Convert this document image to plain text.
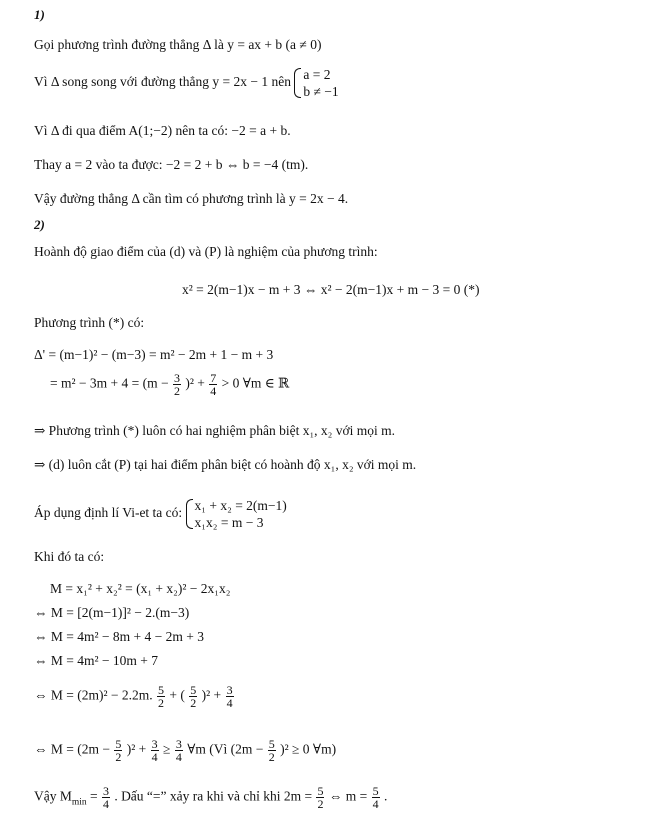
1)
Gọi phương trình đường thẳng Δ là y = ax + b (a ≠ 0)
Vì Δ song song với đường thẳng y = 2x − 1 nên a = 2
b ≠ −1
Vì Δ đi qua điểm A(1;−2) nên ta có: −2 = a + b.
Thay a = 2 vào ta được: −2 = 2 + b ⇔ b = −4 (tm).
Vậy đường thẳng Δ cần tìm có phương trình là y = 2x − 4.
2)
Hoành độ giao điểm của (d) và (P) là nghiệm của phương trình:
x² = 2(m−1)x − m + 3 ⇔ x² − 2(m−1)x + m − 3 = 0 (*)
Phương trình (*) có:
Δ' = (m−1)² − (m−3) = m² − 2m + 1 − m + 3
= $m^2 - 3m + 4 = (m - \frac{3}{2} )^2 + \frac{7}{4} > 0$ ∀m ∈ ℝ
⇒ Phương trình (*) luôn có hai nghiệm phân biệt x₁, x₂ với mọi m.
⇒ (d) luôn cắt (P) tại hai điểm phân biệt có hoành độ x₁, x₂ với mọi m.
Áp dụng định lí Vi-et ta có: x₁ + x₂ = 2(m−1)
x₁x₂ = m − 3
Khi đó ta có:
M = x₁² + x₂² = (x₁ + x₂)² − 2x₁x₂
⇔ M = [2(m−1)]² − 2.(m−3)
⇔ M = 4m² − 8m + 4 − 2m + 3
⇔ M = 4m² − 10m + 7
⇔ M = (2m)² − 2.2m. $\frac{5}{2}$ + ( $\frac{5}{2} )^2 + \frac{3}{4}$
⇔ $M = (2m - \frac{5}{2} )^2 + \frac{3}{4} \ge \frac{3}{4}$ ∀m (Vì $(2m - \frac{5}{2} )^2 \ge 0$ ∀m)
Vậy $M_{min} = \frac{3}{4}$ . Dấu “=” xảy ra khi và chỉ khi $2m = \frac{5}{2}$ ⇔ $m = \frac{5}{4}$ .
